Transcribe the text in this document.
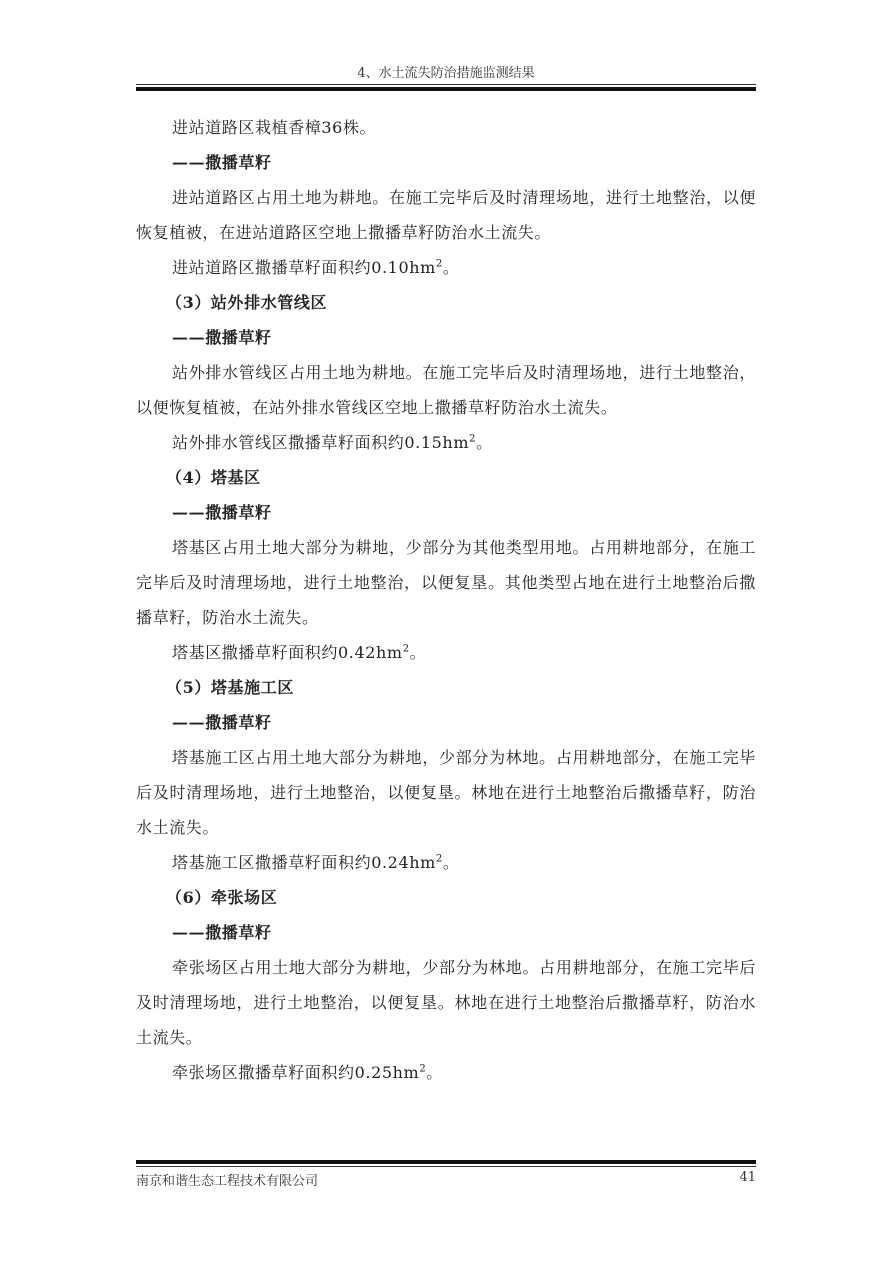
4、水土流失防治措施监测结果

进站道路区栽植香樟36株。

——撒播草籽

进站道路区占用土地为耕地。在施工完毕后及时清理场地，进行土地整治，以便恢复植被，在进站道路区空地上撒播草籽防治水土流失。

进站道路区撒播草籽面积约$0.10hm^2$。

（3）站外排水管线区

——撒播草籽

站外排水管线区占用土地为耕地。在施工完毕后及时清理场地，进行土地整治，以便恢复植被，在站外排水管线区空地上撒播草籽防治水土流失。

站外排水管线区撒播草籽面积约$0.15hm^2$。

（4）塔基区

——撒播草籽

塔基区占用土地大部分为耕地，少部分为其他类型用地。占用耕地部分，在施工完毕后及时清理场地，进行土地整治，以便复垦。其他类型占地在进行土地整治后撒播草籽，防治水土流失。

塔基区撒播草籽面积约$0.42hm^2$。

（5）塔基施工区

——撒播草籽

塔基施工区占用土地大部分为耕地，少部分为林地。占用耕地部分，在施工完毕后及时清理场地，进行土地整治，以便复垦。林地在进行土地整治后撒播草籽，防治水土流失。

塔基施工区撒播草籽面积约$0.24hm^2$。

（6）牵张场区

——撒播草籽

牵张场区占用土地大部分为耕地，少部分为林地。占用耕地部分，在施工完毕后及时清理场地，进行土地整治，以便复垦。林地在进行土地整治后撒播草籽，防治水土流失。

牵张场区撒播草籽面积约$0.25hm^2$。

南京和谐生态工程技术有限公司	41
